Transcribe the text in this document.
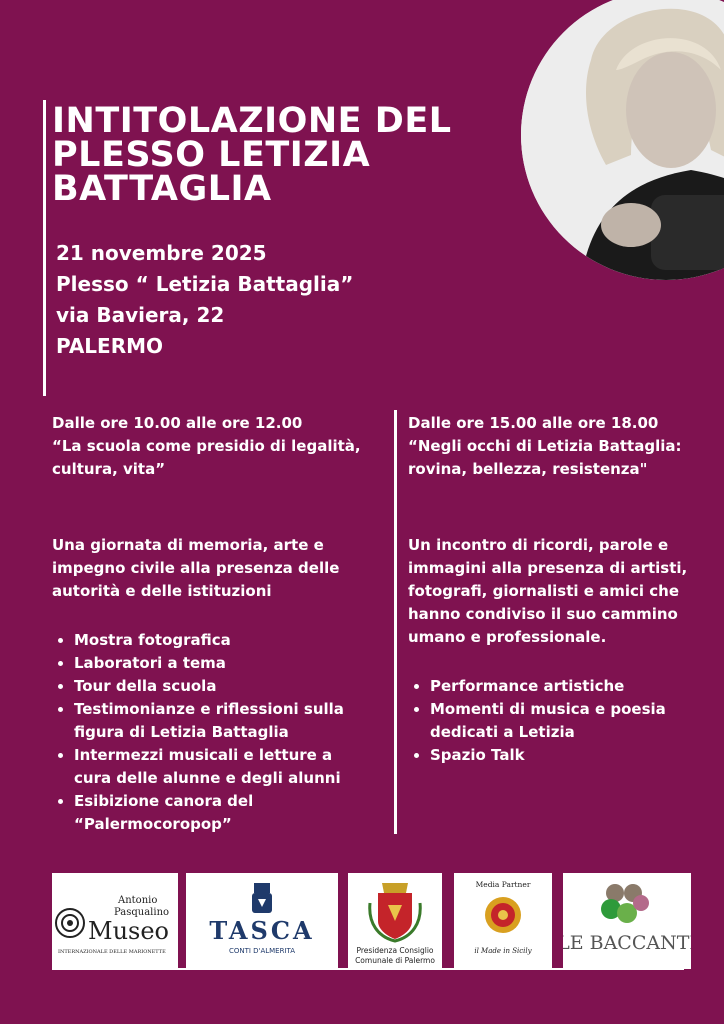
INTITOLAZIONE DEL
PLESSO LETIZIA
BATTAGLIA
21 novembre 2025
Plesso “ Letizia Battaglia”
via Baviera, 22
PALERMO

Dalle ore 10.00 alle ore 12.00

“La scuola come presidio di legalità, cultura, vita”

Una giornata di memoria, arte e impegno civile alla presenza delle autorità e delle istituzioni

• Mostra fotografica
• Laboratori a tema
• Tour della scuola
• Testimonianze e riflessioni sulla figura di Letizia Battaglia
• Intermezzi musicali e letture a cura delle alunne e degli alunni
• Esibizione canora del “Palermocoropop”

Dalle ore 15.00 alle ore 18.00

“Negli occhi di Letizia Battaglia: rovina, bellezza, resistenza"

Un incontro di ricordi, parole e immagini alla presenza di artisti, fotografi, giornalisti e amici che hanno condiviso il suo cammino umano e professionale.

• Performance artistiche
• Momenti di musica e poesia dedicati a Letizia
• Spazio Talk
Antonio
Pasqualino
Museo
INTERNAZIONALE DELLE MARIONETTE
TASCA
CONTI D'ALMERITA	Presidenza Consiglio
Comunale di Palermo
Media Partner
il Made in Sicily LE BACCANTI
